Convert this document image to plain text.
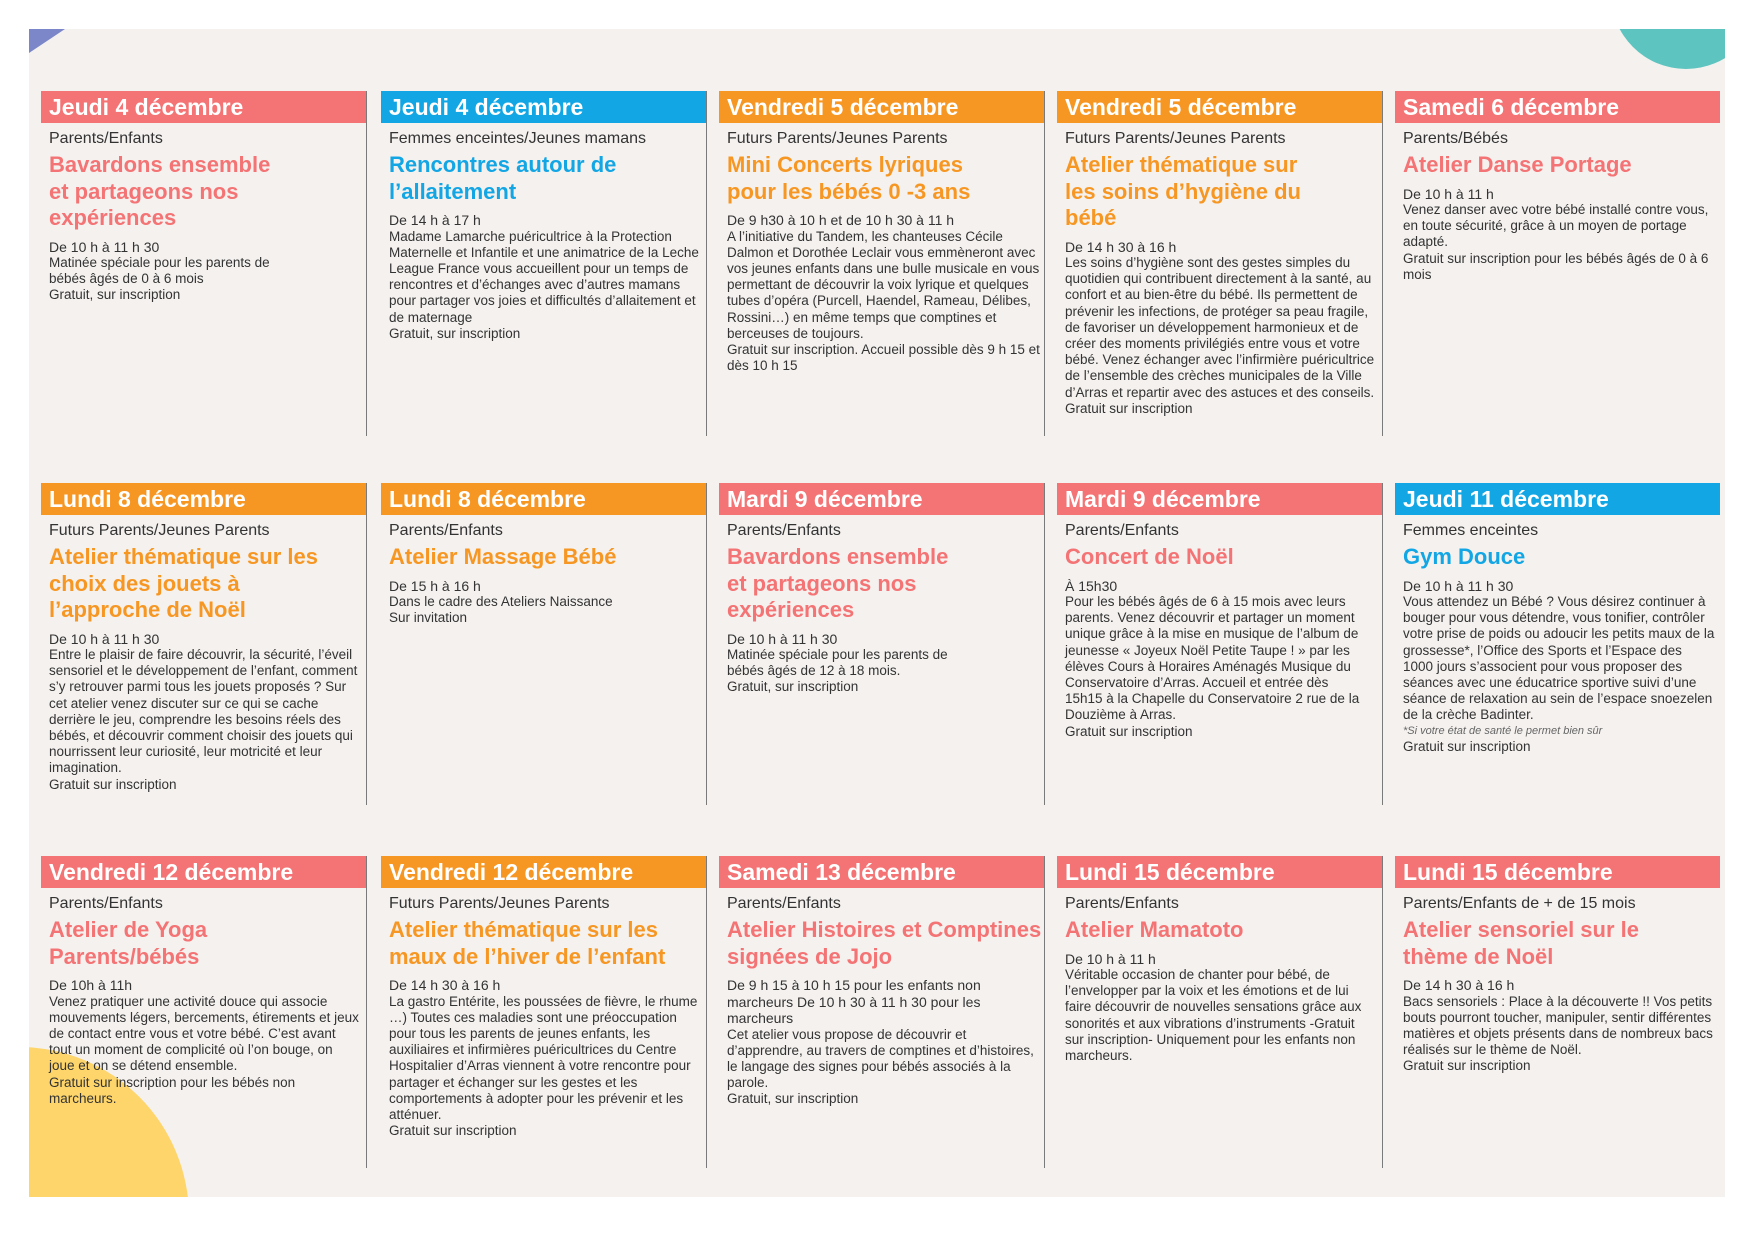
Jeudi 4 décembre
Parents/Enfants
Bavardons ensemble et partageons nos expériences
De 10 h à 11 h 30
Matinée spéciale pour les parents de bébés âgés de 0 à 6 mois
Gratuit, sur inscription
Jeudi 4 décembre
Femmes enceintes/Jeunes mamans
Rencontres autour de l’allaitement
De 14 h à 17 h
Madame Lamarche puéricultrice à la Protection Maternelle et Infantile et une animatrice de la Leche League France vous accueillent pour un temps de rencontres et d’échanges avec d’autres mamans pour partager vos joies et difficultés d’allaitement et de maternage
Gratuit, sur inscription
Vendredi 5 décembre
Futurs Parents/Jeunes Parents
Mini Concerts lyriques pour les bébés 0 -3 ans
De 9 h30 à 10 h et de 10 h 30 à 11 h
A l’initiative du Tandem, les chanteuses Cécile Dalmon et Dorothée Leclair vous emmèneront avec vos jeunes enfants dans une bulle musicale en vous permettant de découvrir la voix lyrique et quelques tubes d’opéra (Purcell, Haendel, Rameau, Délibes, Rossini…) en même temps que comptines et berceuses de toujours.
Gratuit sur inscription. Accueil possible dès 9 h 15 et dès 10 h 15
Vendredi 5 décembre
Futurs Parents/Jeunes Parents
Atelier thématique sur les soins d’hygiène du bébé
De 14 h 30 à 16 h
Les soins d’hygiène sont des gestes simples du quotidien qui contribuent directement à la santé, au confort et au bien-être du bébé. Ils permettent de prévenir les infections, de protéger sa peau fragile, de favoriser un développement harmonieux et de créer des moments privilégiés entre vous et votre bébé. Venez échanger avec l’infirmière puéricultrice de l’ensemble des crèches municipales de la Ville d’Arras et repartir avec des astuces et des conseils.
Gratuit sur inscription
Samedi 6 décembre
Parents/Bébés
Atelier Danse Portage
De 10 h à 11 h
Venez danser avec votre bébé installé contre vous, en toute sécurité, grâce à un moyen de portage adapté.
Gratuit sur inscription pour les bébés âgés de 0 à 6 mois
Lundi 8 décembre
Futurs Parents/Jeunes Parents
Atelier thématique sur les choix des jouets à l’approche de Noël
De 10 h à 11 h 30
Entre le plaisir de faire découvrir, la sécurité, l’éveil sensoriel et le développement de l’enfant, comment s’y retrouver parmi tous les jouets proposés ? Sur cet atelier venez discuter sur ce qui se cache derrière le jeu, comprendre les besoins réels des bébés, et découvrir comment choisir des jouets qui nourrissent leur curiosité, leur motricité et leur imagination.
Gratuit sur inscription
Lundi 8 décembre
Parents/Enfants
Atelier Massage Bébé
De 15 h à 16 h
Dans le cadre des Ateliers Naissance
Sur invitation
Mardi 9 décembre
Parents/Enfants
Bavardons ensemble et partageons nos expériences
De 10 h à 11 h 30
Matinée spéciale pour les parents de bébés âgés de 12 à 18 mois.
Gratuit, sur inscription
Mardi 9 décembre
Parents/Enfants
Concert de Noël
À 15h30
Pour les bébés âgés de 6 à 15 mois avec leurs parents. Venez découvrir et partager un moment unique grâce à la mise en musique de l’album de jeunesse « Joyeux Noël Petite Taupe ! » par les élèves Cours à Horaires Aménagés Musique du Conservatoire d’Arras. Accueil et entrée dès 15h15 à la Chapelle du Conservatoire 2 rue de la Douzième à Arras.
Gratuit sur inscription
Jeudi 11 décembre
Femmes enceintes
Gym Douce
De 10 h à 11 h 30
Vous attendez un Bébé ? Vous désirez continuer à bouger pour vous détendre, vous tonifier, contrôler votre prise de poids ou adoucir les petits maux de la grossesse*, l’Office des Sports et l’Espace des 1000 jours s’associent pour vous proposer des séances avec une éducatrice sportive suivi d’une séance de relaxation au sein de l’espace snoezelen de la crèche Badinter.
*Si votre état de santé le permet bien sûr
Gratuit sur inscription
Vendredi 12 décembre
Parents/Enfants
Atelier de Yoga Parents/bébés
De 10h à 11h
Venez pratiquer une activité douce qui associe mouvements légers, bercements, étirements et jeux de contact entre vous et votre bébé. C’est avant tout un moment de complicité où l’on bouge, on joue et on se détend ensemble.
Gratuit sur inscription pour les bébés non marcheurs.
Vendredi 12 décembre
Futurs Parents/Jeunes Parents
Atelier thématique sur les maux de l’hiver de l’enfant
De 14 h 30 à 16 h
La gastro Entérite, les poussées de fièvre, le rhume …) Toutes ces maladies sont une préoccupation pour tous les parents de jeunes enfants, les auxiliaires et infirmières puéricultrices du Centre Hospitalier d’Arras viennent à votre rencontre pour partager et échanger sur les gestes et les comportements à adopter pour les prévenir et les atténuer.
Gratuit sur inscription
Samedi 13 décembre
Parents/Enfants
Atelier Histoires et Comptines signées de Jojo
De 9 h 15 à 10 h 15 pour les enfants non marcheurs De 10 h 30 à 11 h 30 pour les marcheurs
Cet atelier vous propose de découvrir et d’apprendre, au travers de comptines et d’histoires, le langage des signes pour bébés associés à la parole.
Gratuit, sur inscription
Lundi 15 décembre
Parents/Enfants
Atelier Mamatoto
De 10 h à 11 h
Véritable occasion de chanter pour bébé, de l’envelopper par la voix et les émotions et de lui faire découvrir de nouvelles sensations grâce aux sonorités et aux vibrations d’instruments -Gratuit sur inscription- Uniquement pour les enfants non marcheurs.
Lundi 15 décembre
Parents/Enfants de + de 15 mois
Atelier sensoriel sur le thème de Noël
De 14 h 30 à 16 h
Bacs sensoriels : Place à la découverte !! Vos petits bouts pourront toucher, manipuler, sentir différentes matières et objets présents dans de nombreux bacs réalisés sur le thème de Noël.
Gratuit sur inscription
